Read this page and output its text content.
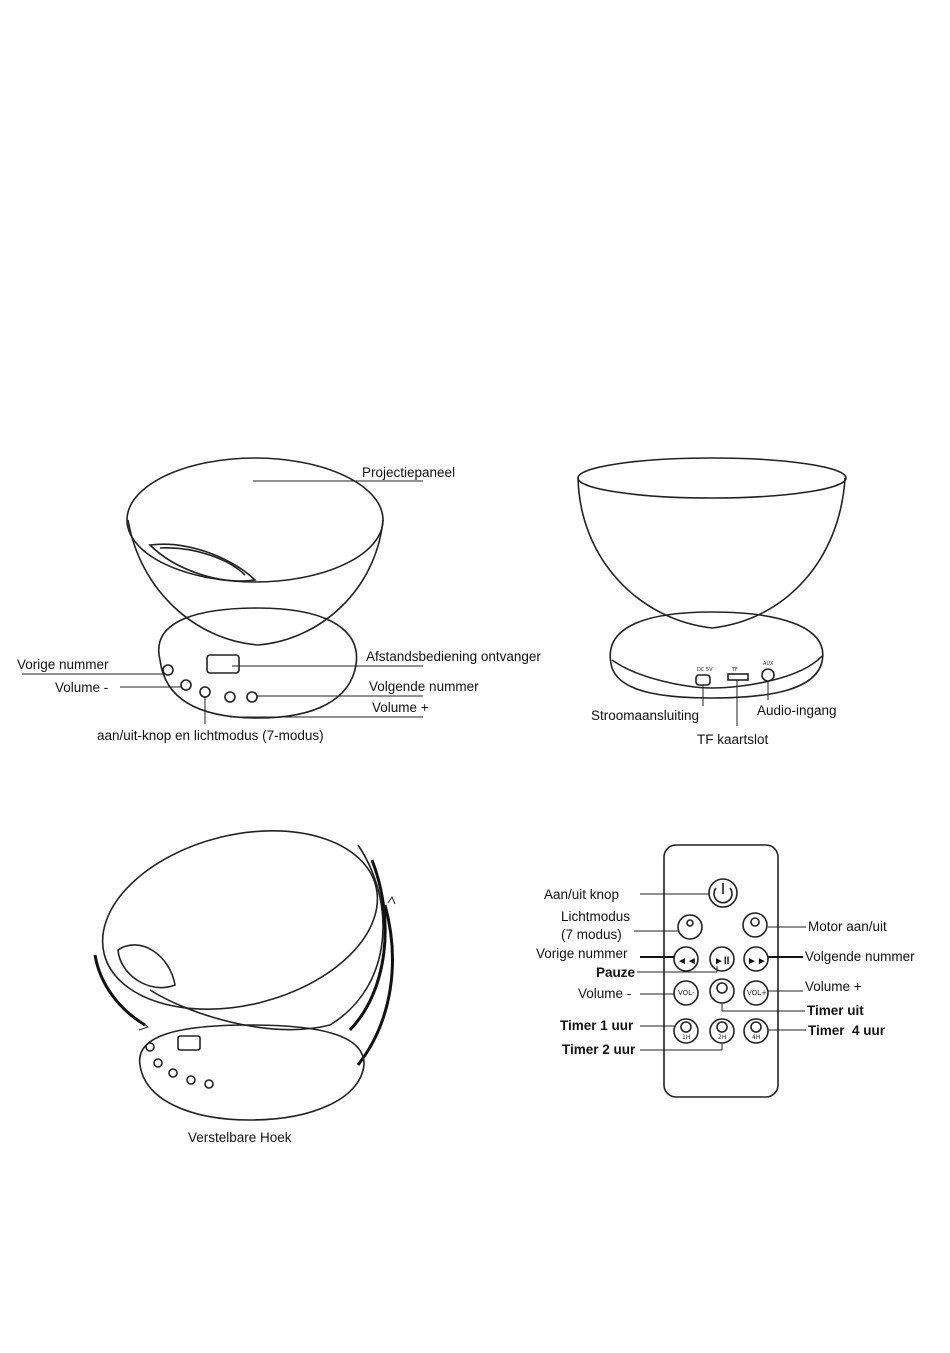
Projectiepaneel
Afstandsbediening ontvanger
Vorige nummer
Volume -	Volgende nummer
Volume +
aan/uit-knop en lichtmodus (7-modus)
DC 5V	TF
AUX
Stroomaansluiting	Audio-ingang
TF kaartslot
Verstelbare Hoek
◄◄ ►ll ►►
VOL-	VOL+
1H	2H	4H
Aan/uit knop
Lichtmodus
(7 modus)
Motor aan/uit
Vorige nummer	Volgende nummer
Pauze
Volume +
Volume -
Timer uit
Timer 1 uur	Timer  4 uur
Timer 2 uur
